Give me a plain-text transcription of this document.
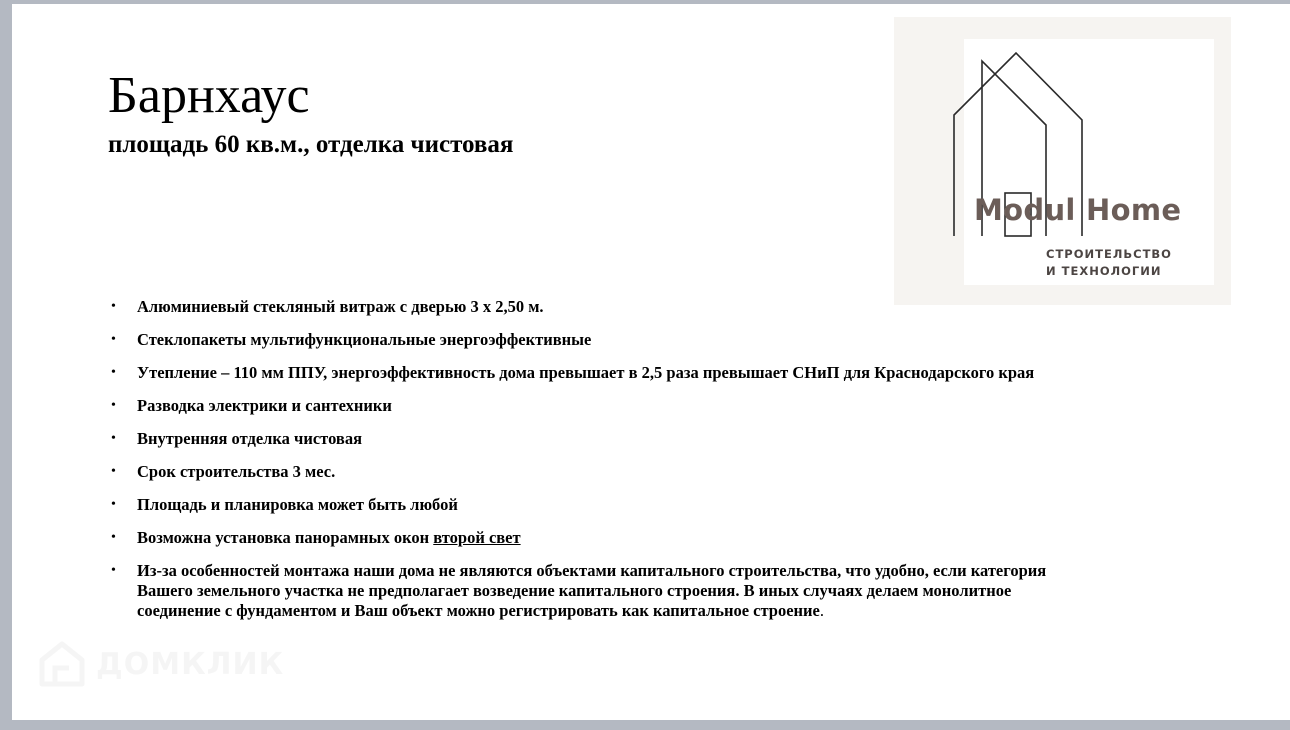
Барнхаус
площадь 60 кв.м., отделка чистовая
Modul Home
СТРОИТЕЛЬСТВО
И ТЕХНОЛОГИИ
• Алюминиевый стекляный витраж с дверью 3 х 2,50 м.
• Стеклопакеты мультифункциональные энергоэффективные
• Утепление – 110 мм ППУ, энергоэффективность дома превышает в 2,5 раза превышает СНиП для Краснодарского края
• Разводка электрики и сантехники
• Внутренняя отделка чистовая
• Срок строительства 3 мес.
• Площадь и планировка может быть любой
• Возможна установка панорамных окон второй свет
• Из-за особенностей монтажа наши дома не являются объектами капитального строительства, что удобно, если категория Вашего земельного участка не предполагает возведение капитального строения. В иных случаях делаем монолитное соединение с фундаментом и Ваш объект можно регистрировать как капитальное строение.
ДОМКЛИК
